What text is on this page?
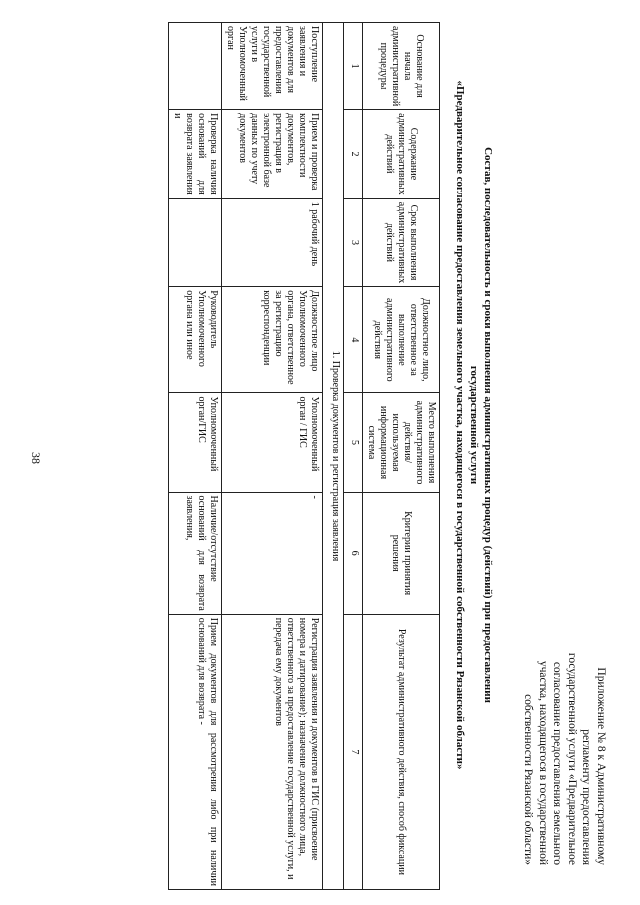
38
Приложение № 8 к Административному
регламенту предоставления
государственной услуги «Предварительное
согласование предоставления земельного
участка, находящегося в государственной
собственности Рязанской области»
Состав, последовательность и сроки выполнения административных процедур (действий) при предоставлении
государственной услуги
«Предварительное согласование предоставления земельного участка, находящегося в государственной собственности Рязанской области»
Основание для начала административной процедуры	Содержание административных действий	Срок выполнения административных действий	Должностное лицо, ответственное за выполнение административного действия	Место выполнения административного действия/ используемая информационная система	Критерии принятия решения	Результат административного действия, способ фиксации
1	2	3	4	5	6	7
1. Проверка документов и регистрация заявления						
Поступление заявления и документов для предоставления государственной услуги в Уполномоченный орган	Прием и проверка комплектности документов, регистрация в электронной базе данных по учету документов	1 рабочий день	Должностное лицо Уполномоченного органа, ответственное за регистрацию корреспонденции	Уполномоченный орган / ГИС	-	Регистрация заявления и документов в ГИС (присвоение номера и датирование); назначение должностного лица, ответственного за предоставление государственной услуги, и передача ему документов
	Проверка наличия оснований для возврата заявления и		Руководитель Уполномоченного органа или иное	Уполномоченный орган/ГИС	Наличие/отсутствие оснований для возврата заявления,	Прием документов для рассмотрения либо при наличии оснований для возврата -
